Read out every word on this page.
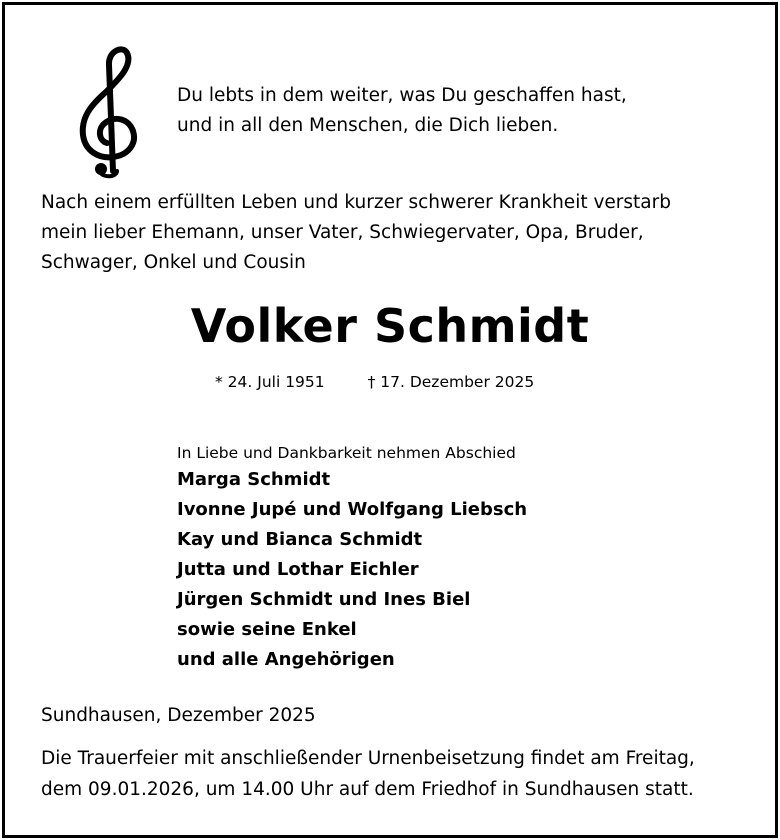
Du lebts in dem weiter, was Du geschaffen hast,
und in all den Menschen, die Dich lieben.
Nach einem erfüllten Leben und kurzer schwerer Krankheit verstarb
mein lieber Ehemann, unser Vater, Schwiegervater, Opa, Bruder,
Schwager, Onkel und Cousin
Volker Schmidt
* 24. Juli 1951	† 17. Dezember 2025
In Liebe und Dankbarkeit nehmen Abschied
Marga Schmidt
Ivonne Jupé und Wolfgang Liebsch
Kay und Bianca Schmidt
Jutta und Lothar Eichler
Jürgen Schmidt und Ines Biel
sowie seine Enkel
und alle Angehörigen
Sundhausen, Dezember 2025
Die Trauerfeier mit anschließender Urnenbeisetzung findet am Freitag,
dem 09.01.2026, um 14.00 Uhr auf dem Friedhof in Sundhausen statt.
